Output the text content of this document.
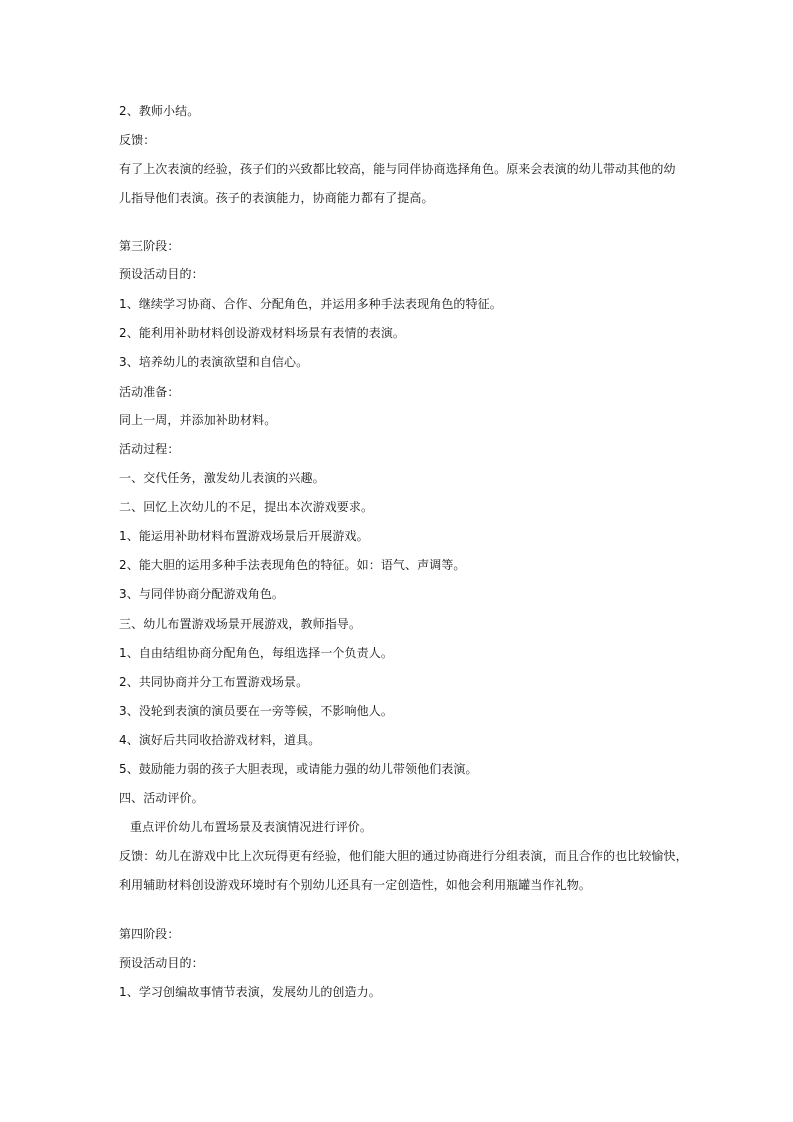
2、教师小结。
反馈：
有了上次表演的经验，孩子们的兴致都比较高，能与同伴协商选择角色。原来会表演的幼儿带动其他的幼
儿指导他们表演。孩子的表演能力，协商能力都有了提高。
第三阶段：
预设活动目的：
1、继续学习协商、合作、分配角色，并运用多种手法表现角色的特征。
2、能利用补助材料创设游戏材料场景有表情的表演。
3、培养幼儿的表演欲望和自信心。
活动准备：
同上一周，并添加补助材料。
活动过程：
一、交代任务，激发幼儿表演的兴趣。
二、回忆上次幼儿的不足，提出本次游戏要求。
1、能运用补助材料布置游戏场景后开展游戏。
2、能大胆的运用多种手法表现角色的特征。如：语气、声调等。
3、与同伴协商分配游戏角色。
三、幼儿布置游戏场景开展游戏，教师指导。
1、自由结组协商分配角色，每组选择一个负责人。
2、共同协商并分工布置游戏场景。
3、没轮到表演的演员要在一旁等候，不影响他人。
4、演好后共同收拾游戏材料，道具。
5、鼓励能力弱的孩子大胆表现，或请能力强的幼儿带领他们表演。
四、活动评价。
重点评价幼儿布置场景及表演情况进行评价。
反馈：幼儿在游戏中比上次玩得更有经验，他们能大胆的通过协商进行分组表演，而且合作的也比较愉快，
利用辅助材料创设游戏环境时有个别幼儿还具有一定创造性，如他会利用瓶罐当作礼物。
第四阶段：
预设活动目的：
1、学习创编故事情节表演，发展幼儿的创造力。
